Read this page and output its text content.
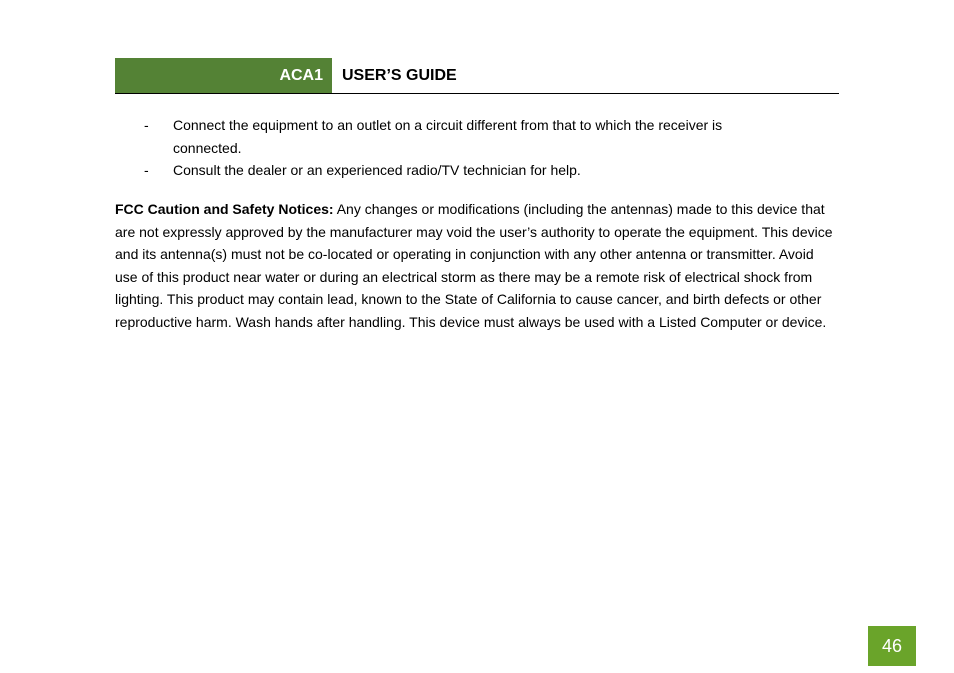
ACA1 USER’S GUIDE
- Connect the equipment to an outlet on a circuit different from that to which the receiver is connected.
- Consult the dealer or an experienced radio/TV technician for help.

FCC Caution and Safety Notices: Any changes or modifications (including the antennas) made to this device that are not expressly approved by the manufacturer may void the user’s authority to operate the equipment. This device and its antenna(s) must not be co-located or operating in conjunction with any other antenna or transmitter. Avoid use of this product near water or during an electrical storm as there may be a remote risk of electrical shock from lighting. This product may contain lead, known to the State of California to cause cancer, and birth defects or other reproductive harm. Wash hands after handling. This device must always be used with a Listed Computer or device.

46
